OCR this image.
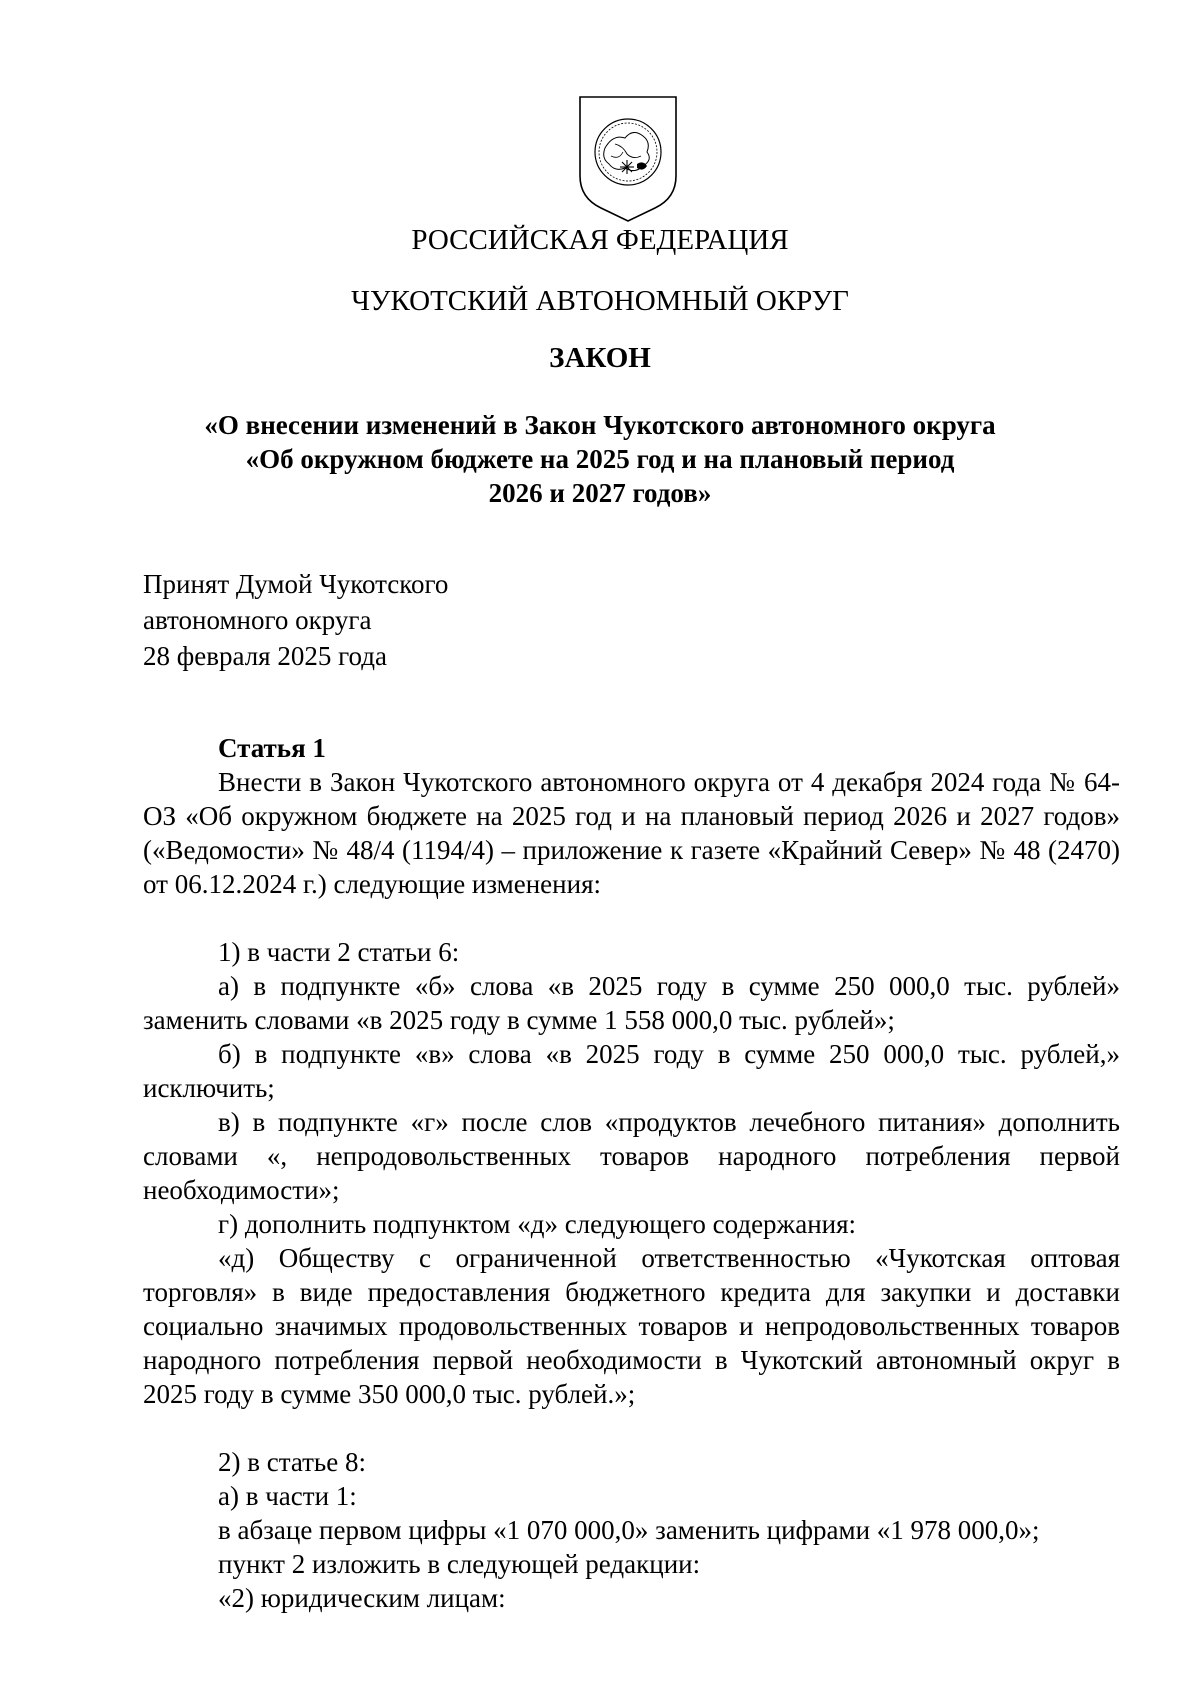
РОССИЙСКАЯ ФЕДЕРАЦИЯ
ЧУКОТСКИЙ АВТОНОМНЫЙ ОКРУГ
ЗАКОН
«О внесении изменений в Закон Чукотского автономного округа
«Об окружном бюджете на 2025 год и на плановый период
2026 и 2027 годов»
Принят Думой Чукотского
автономного округа
28 февраля 2025 года
Статья 1

Внести в Закон Чукотского автономного округа от 4 декабря 2024 года № 64-ОЗ «Об окружном бюджете на 2025 год и на плановый период 2026 и 2027 годов» («Ведомости» № 48/4 (1194/4) – приложение к газете «Крайний Север» № 48 (2470) от 06.12.2024 г.) следующие изменения:

1) в части 2 статьи 6:

а) в подпункте «б» слова «в 2025 году в сумме 250 000,0 тыс. рублей» заменить словами «в 2025 году в сумме 1 558 000,0 тыс. рублей»;

б) в подпункте «в» слова «в 2025 году в сумме 250 000,0 тыс. рублей,» исключить;

в) в подпункте «г» после слов «продуктов лечебного питания» дополнить словами «, непродовольственных товаров народного потребления первой необходимости»;

г) дополнить подпунктом «д» следующего содержания:

«д) Обществу с ограниченной ответственностью «Чукотская оптовая торговля» в виде предоставления бюджетного кредита для закупки и доставки социально значимых продовольственных товаров и непродовольственных товаров народного потребления первой необходимости в Чукотский автономный округ в 2025 году в сумме 350 000,0 тыс. рублей.»;

2) в статье 8:

а) в части 1:

в абзаце первом цифры «1 070 000,0» заменить цифрами «1 978 000,0»;

пункт 2 изложить в следующей редакции:

«2) юридическим лицам:
